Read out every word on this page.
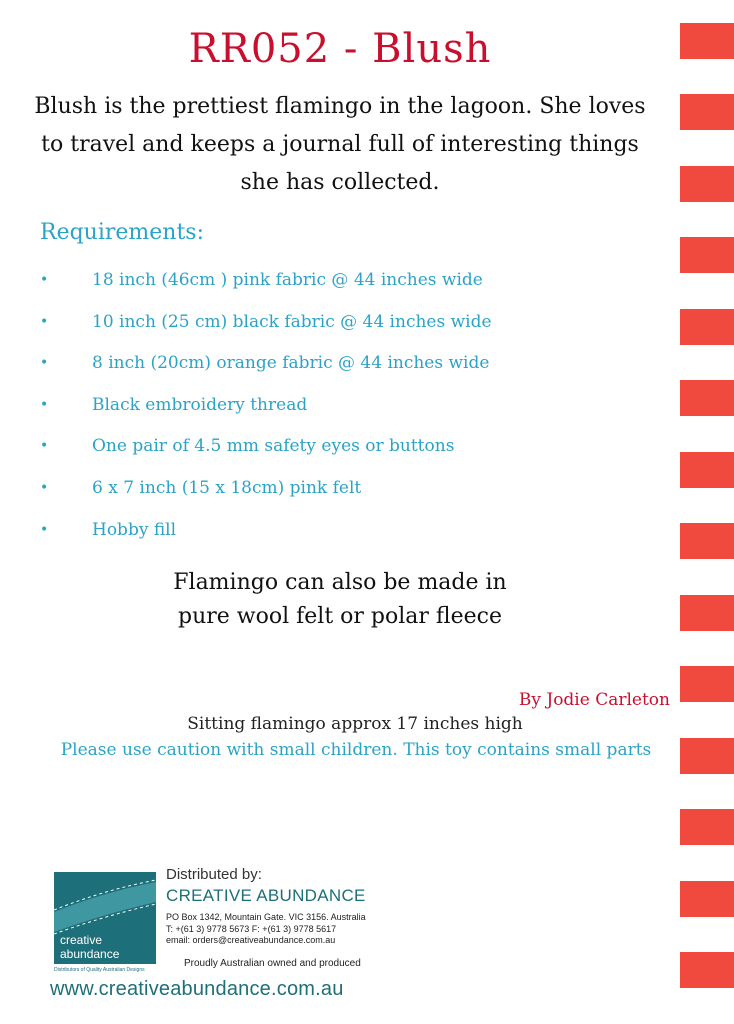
RR052 - Blush

Blush is the prettiest flamingo in the lagoon. She loves to travel and keeps a journal full of interesting things she has collected.

Requirements:
•	18 inch (46cm ) pink fabric @ 44 inches wide
•	10 inch (25 cm) black fabric @ 44 inches wide
•	8 inch (20cm) orange fabric @ 44 inches wide
•	Black embroidery thread
•	One pair of 4.5 mm safety eyes or buttons
•	6 x 7 inch (15 x 18cm) pink felt
•	Hobby fill
Flamingo can also be made in
pure wool felt or polar fleece

By Jodie Carleton

Sitting flamingo approx 17 inches high

Please use caution with small children. This toy contains small parts

creative
abundance
Distributors of Quality Australian Designs

Distributed by:

CREATIVE ABUNDANCE

PO Box 1342, Mountain Gate. VIC 3156. Australia

T: +(61 3) 9778 5673 F: +(61 3) 9778 5617

email: orders@creativeabundance.com.au

Proudly Australian owned and produced

www.creativeabundance.com.au
